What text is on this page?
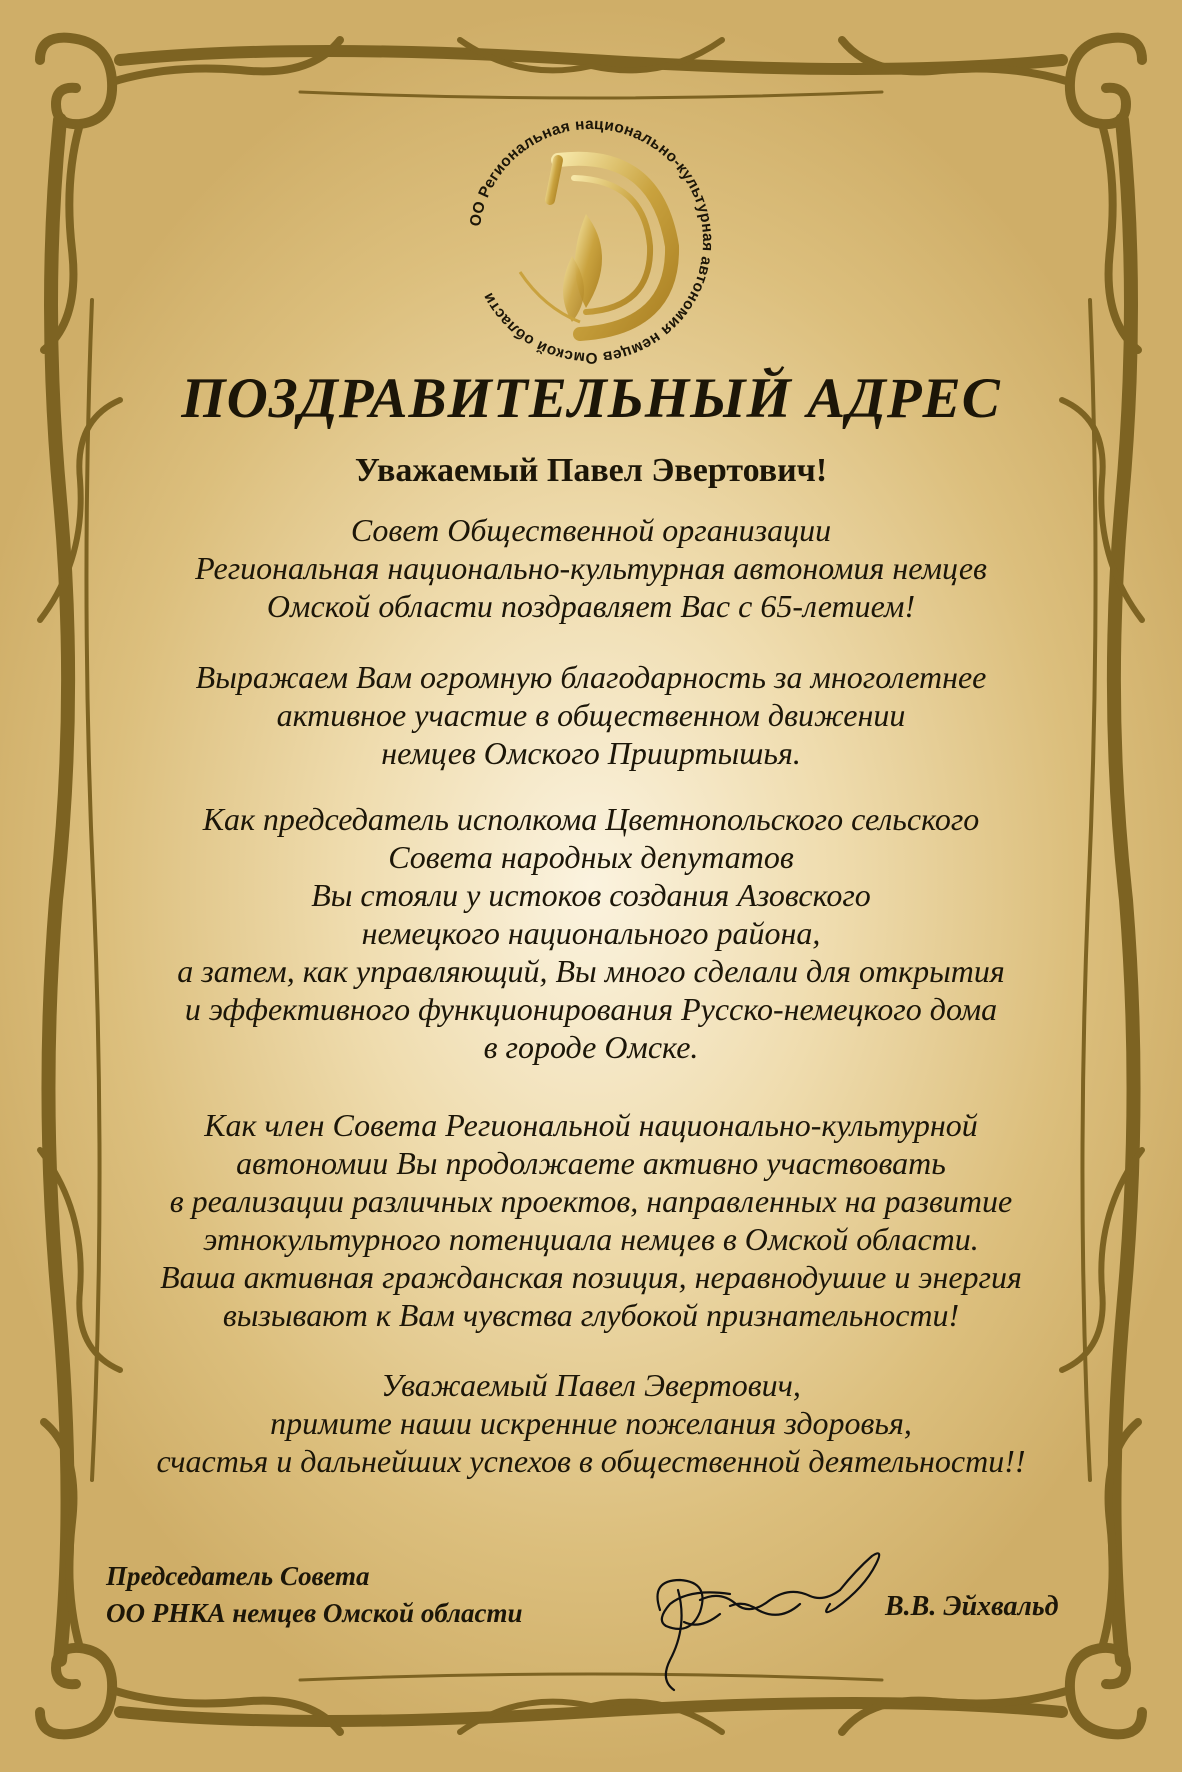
ОО Региональная национально-культурная автономия немцев Омской области
ПОЗДРАВИТЕЛЬНЫЙ АДРЕС
Уважаемый Павел Эвертович!
Совет Общественной организации
Региональная национально-культурная автономия немцев
Омской области поздравляет Вас с 65-летием!
Выражаем Вам огромную благодарность за многолетнее
активное участие в общественном движении
немцев Омского Прииртышья.
Как председатель исполкома Цветнопольского сельского
Совета народных депутатов
Вы стояли у истоков создания Азовского
немецкого национального района,
а затем, как управляющий, Вы много сделали для открытия
и эффективного функционирования Русско-немецкого дома
в городе Омске.
Как член Совета Региональной национально-культурной
автономии Вы продолжаете активно участвовать
в реализации различных проектов, направленных на развитие
этнокультурного потенциала немцев в Омской области.
Ваша активная гражданская позиция, неравнодушие и энергия
вызывают к Вам чувства глубокой признательности!
Уважаемый Павел Эвертович,
примите наши искренние пожелания здоровья,
счастья и дальнейших успехов в общественной деятельности!!
Председатель Совета
ОО РНКА немцев Омской области	В.В. Эйхвальд
